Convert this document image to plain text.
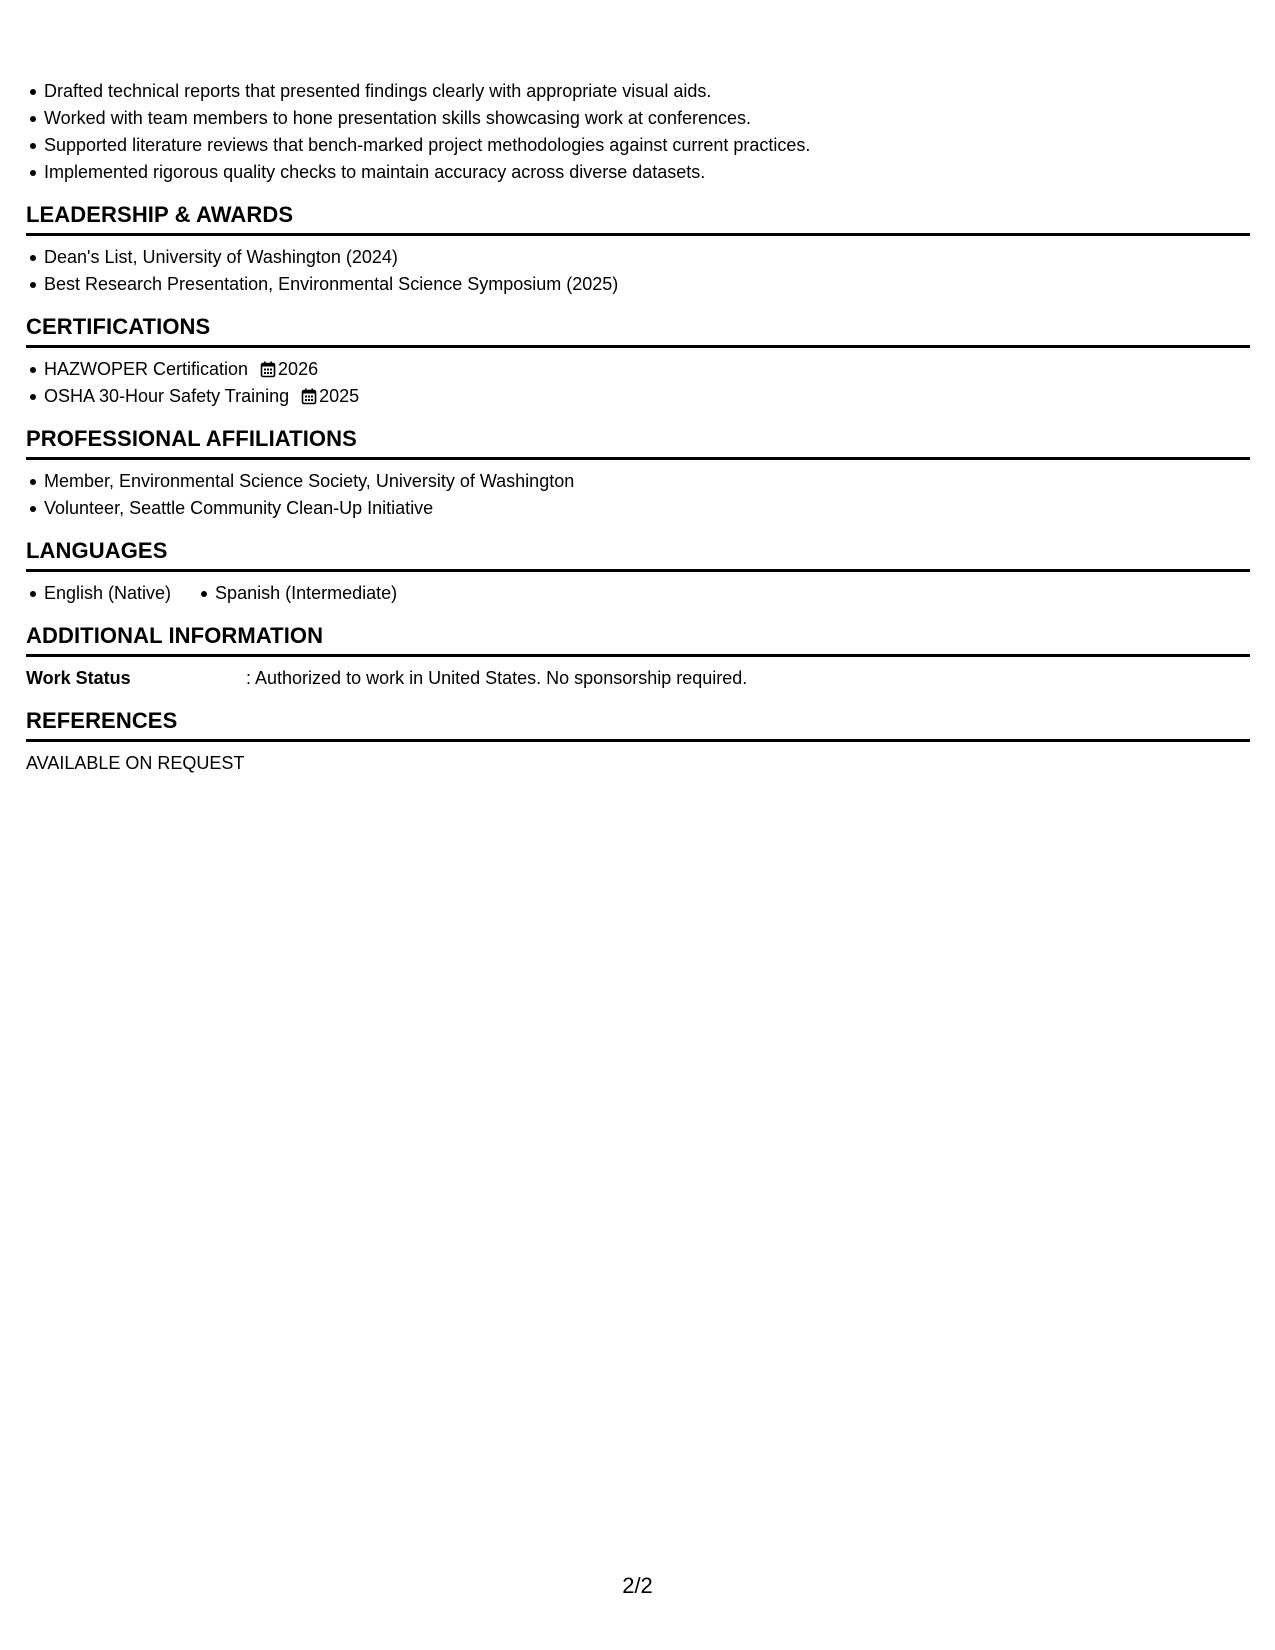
Drafted technical reports that presented findings clearly with appropriate visual aids.
Worked with team members to hone presentation skills showcasing work at conferences.
Supported literature reviews that bench-marked project methodologies against current practices.
Implemented rigorous quality checks to maintain accuracy across diverse datasets.
LEADERSHIP & AWARDS
Dean's List, University of Washington (2024)
Best Research Presentation, Environmental Science Symposium (2025)
CERTIFICATIONS
HAZWOPER Certification 2026
OSHA 30-Hour Safety Training 2025
PROFESSIONAL AFFILIATIONS
Member, Environmental Science Society, University of Washington
Volunteer, Seattle Community Clean-Up Initiative
LANGUAGES
English (Native) Spanish (Intermediate)
ADDITIONAL INFORMATION
Work Status	: Authorized to work in United States. No sponsorship required.
REFERENCES
AVAILABLE ON REQUEST
2/2
